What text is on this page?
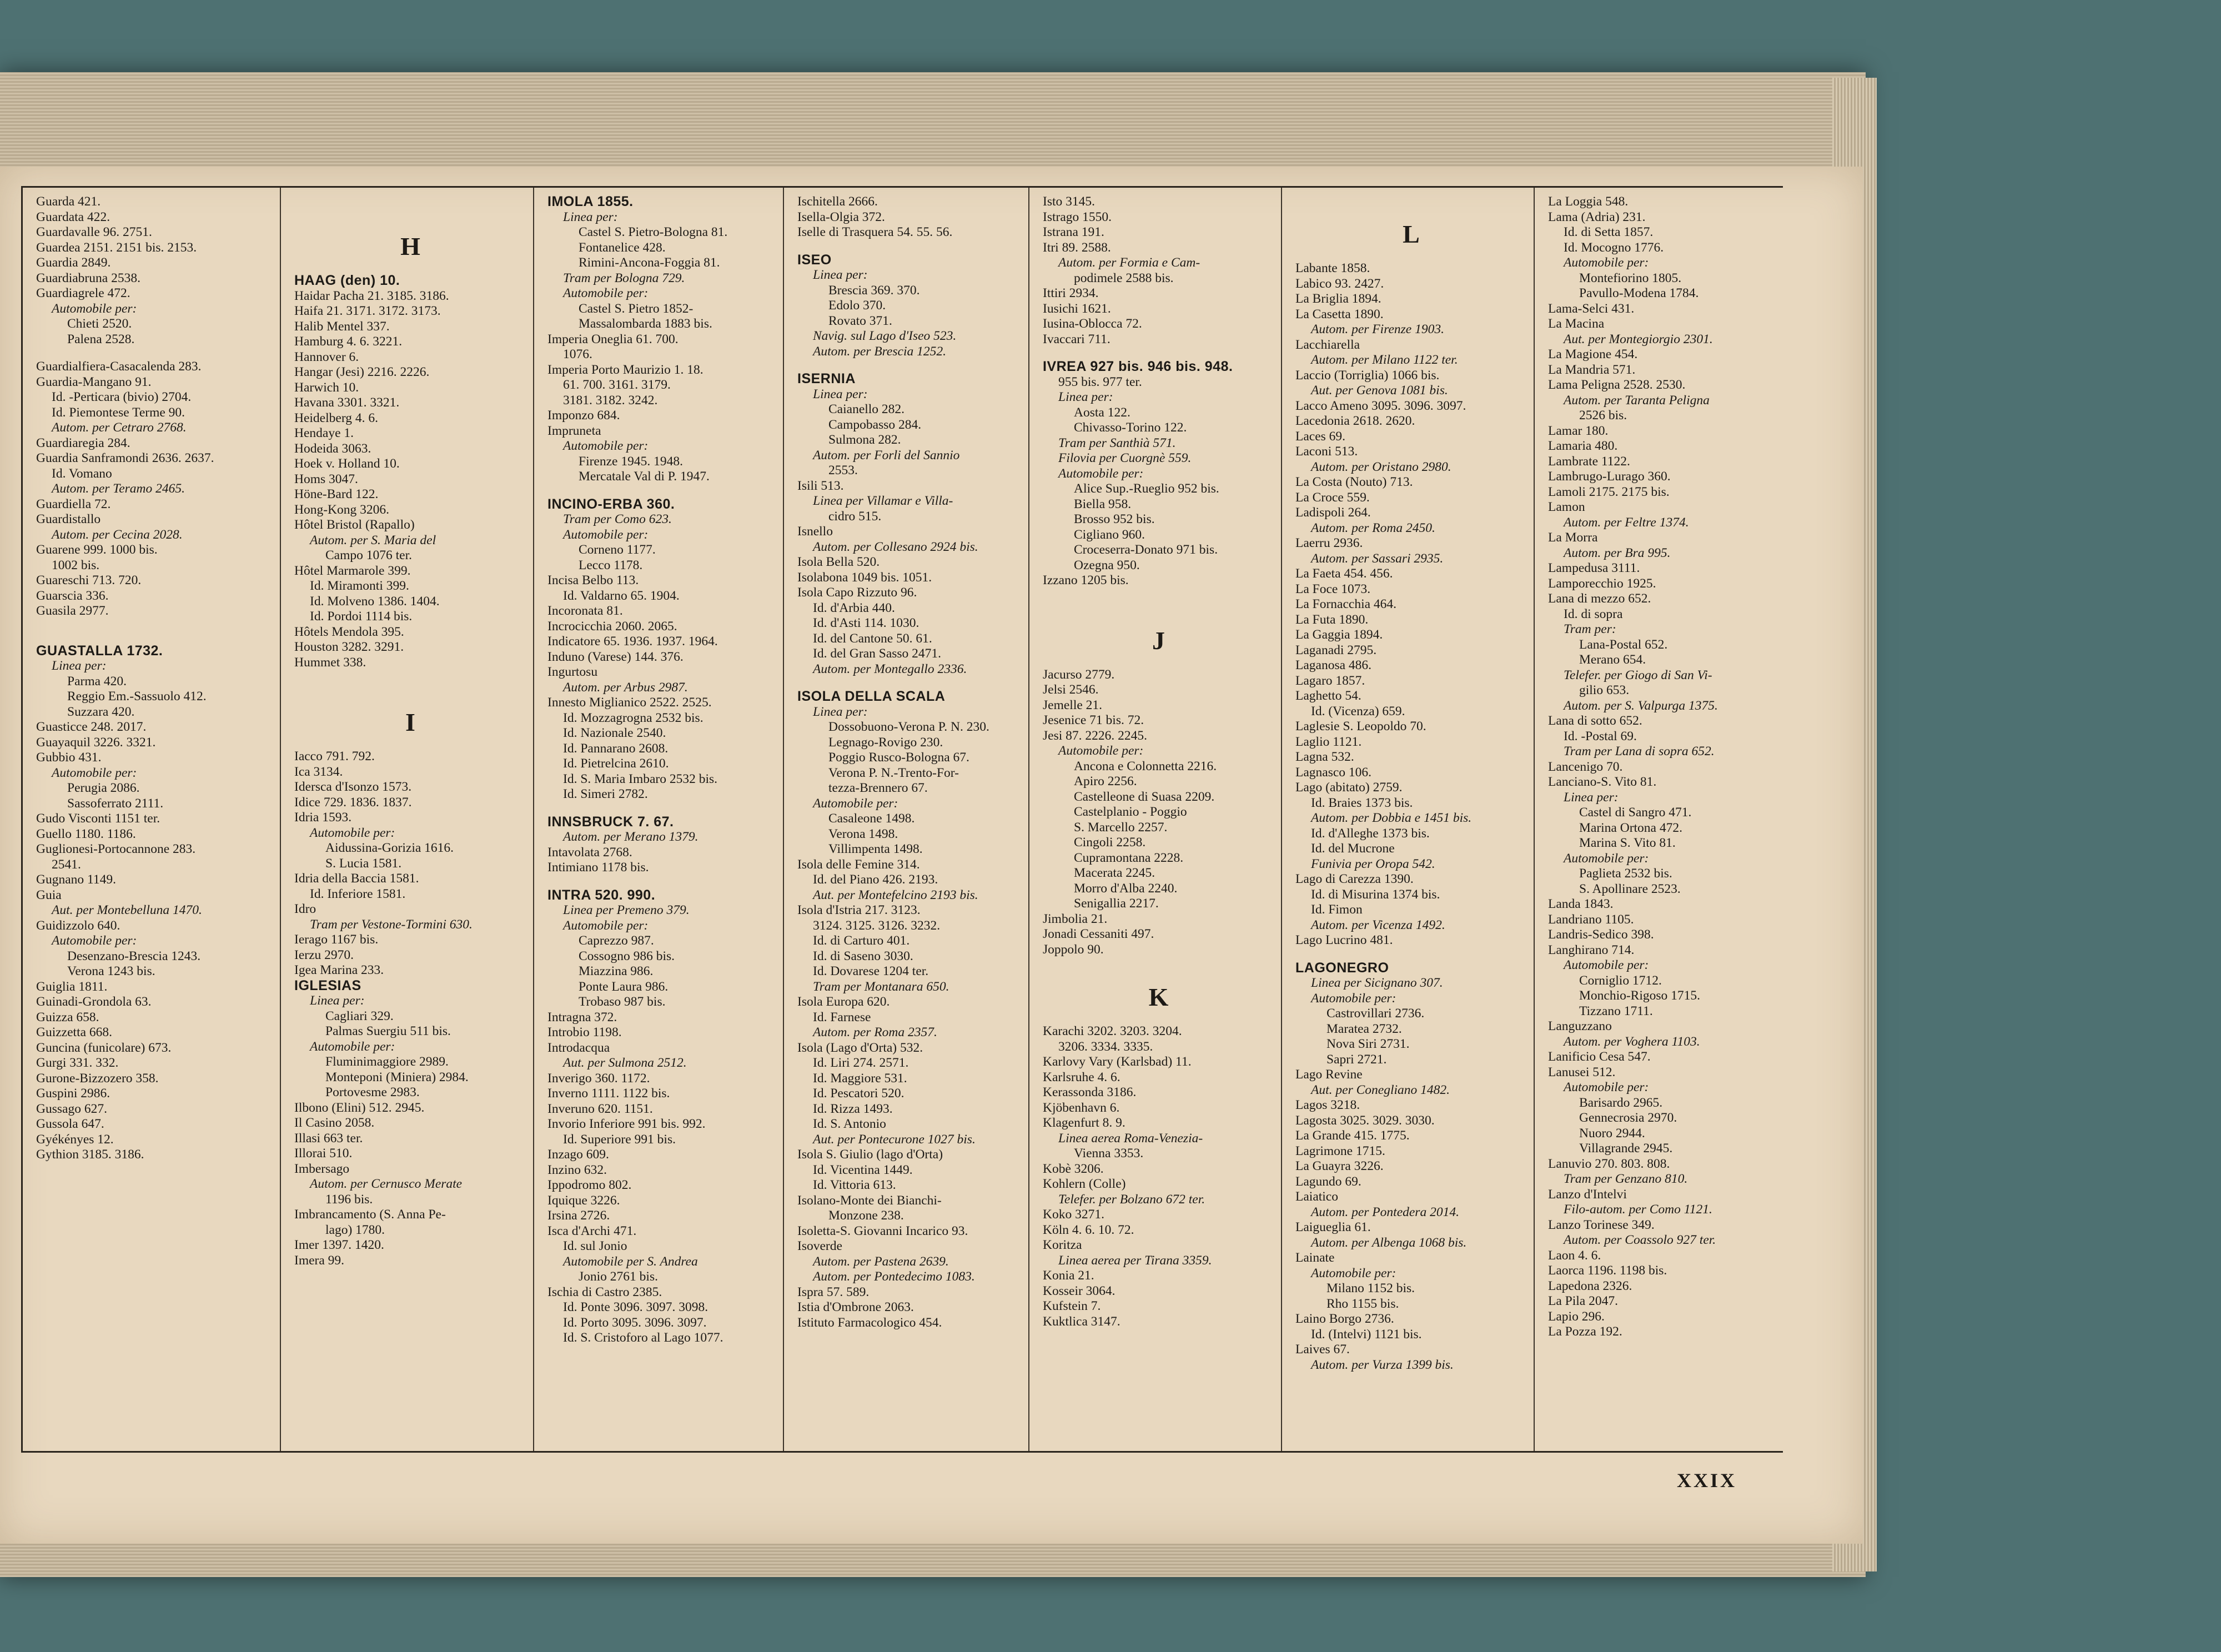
Guarda 421.
Guardata 422.
Guardavalle 96. 2751.
Guardea 2151. 2151 bis. 2153.
Guardia 2849.
Guardiabruna 2538.
Guardiagrele 472.
Automobile per:
Chieti 2520.
Palena 2528.
Guardialfiera-Casacalenda 283.
Guardia-Mangano 91.
Id. -Perticara (bivio) 2704.
Id. Piemontese Terme 90.
Autom. per Cetraro 2768.
Guardiaregia 284.
Guardia Sanframondi 2636. 2637.
Id. Vomano
Autom. per Teramo 2465.
Guardiella 72.
Guardistallo
Autom. per Cecina 2028.
Guarene 999. 1000 bis.
1002 bis.
Guareschi 713. 720.
Guarscia 336.
Guasila 2977.
GUASTALLA 1732.
Linea per:
Parma 420.
Reggio Em.-Sassuolo 412.
Suzzara 420.
Guasticce 248. 2017.
Guayaquil 3226. 3321.
Gubbio 431.
Automobile per:
Perugia 2086.
Sassoferrato 2111.
Gudo Visconti 1151 ter.
Guello 1180. 1186.
Guglionesi-Portocannone 283.
2541.
Gugnano 1149.
Guia
Aut. per Montebelluna 1470.
Guidizzolo 640.
Automobile per:
Desenzano-Brescia 1243.
Verona 1243 bis.
Guiglia 1811.
Guinadi-Grondola 63.
Guizza 658.
Guizzetta 668.
Guncina (funicolare) 673.
Gurgi 331. 332.
Gurone-Bizzozero 358.
Guspini 2986.
Gussago 627.
Gussola 647.
Gyékényes 12.
Gythion 3185. 3186.
H
HAAG (den) 10.
Haidar Pacha 21. 3185. 3186.
Haifa 21. 3171. 3172. 3173.
Halib Mentel 337.
Hamburg 4. 6. 3221.
Hannover 6.
Hangar (Jesi) 2216. 2226.
Harwich 10.
Havana 3301. 3321.
Heidelberg 4. 6.
Hendaye 1.
Hodeida 3063.
Hoek v. Holland 10.
Homs 3047.
Höne-Bard 122.
Hong-Kong 3206.
Hôtel Bristol (Rapallo)
Autom. per S. Maria del
Campo 1076 ter.
Hôtel Marmarole 399.
Id. Miramonti 399.
Id. Molveno 1386. 1404.
Id. Pordoi 1114 bis.
Hôtels Mendola 395.
Houston 3282. 3291.
Hummet 338.
I
Iacco 791. 792.
Ica 3134.
Idersca d'Isonzo 1573.
Idice 729. 1836. 1837.
Idria 1593.
Automobile per:
Aidussina-Gorizia 1616.
S. Lucia 1581.
Idria della Baccia 1581.
Id. Inferiore 1581.
Idro
Tram per Vestone-Tormini 630.
Ierago 1167 bis.
Ierzu 2970.
Igea Marina 233.
IGLESIAS
Linea per:
Cagliari 329.
Palmas Suergiu 511 bis.
Automobile per:
Fluminimaggiore 2989.
Monteponi (Miniera) 2984.
Portovesme 2983.
Ilbono (Elini) 512. 2945.
Il Casino 2058.
Illasi 663 ter.
Illorai 510.
Imbersago
Autom. per Cernusco Merate
1196 bis.
Imbrancamento (S. Anna Pe-
lago) 1780.
Imer 1397. 1420.
Imera 99.
IMOLA 1855.
Linea per:
Castel S. Pietro-Bologna 81.
Fontanelice 428.
Rimini-Ancona-Foggia 81.
Tram per Bologna 729.
Automobile per:
Castel S. Pietro 1852-
Massalombarda 1883 bis.
Imperia Oneglia 61. 700.
1076.
Imperia Porto Maurizio 1. 18.
61. 700. 3161. 3179.
3181. 3182. 3242.
Imponzo 684.
Impruneta
Automobile per:
Firenze 1945. 1948.
Mercatale Val di P. 1947.
INCINO-ERBA 360.
Tram per Como 623.
Automobile per:
Corneno 1177.
Lecco 1178.
Incisa Belbo 113.
Id. Valdarno 65. 1904.
Incoronata 81.
Incrocicchia 2060. 2065.
Indicatore 65. 1936. 1937. 1964.
Induno (Varese) 144. 376.
Ingurtosu
Autom. per Arbus 2987.
Innesto Miglianico 2522. 2525.
Id. Mozzagrogna 2532 bis.
Id. Nazionale 2540.
Id. Pannarano 2608.
Id. Pietrelcina 2610.
Id. S. Maria Imbaro 2532 bis.
Id. Simeri 2782.
INNSBRUCK 7. 67.
Autom. per Merano 1379.
Intavolata 2768.
Intimiano 1178 bis.
INTRA 520. 990.
Linea per Premeno 379.
Automobile per:
Caprezzo 987.
Cossogno 986 bis.
Miazzina 986.
Ponte Laura 986.
Trobaso 987 bis.
Intragna 372.
Introbio 1198.
Introdacqua
Aut. per Sulmona 2512.
Inverigo 360. 1172.
Inverno 1111. 1122 bis.
Inveruno 620. 1151.
Invorio Inferiore 991 bis. 992.
Id. Superiore 991 bis.
Inzago 609.
Inzino 632.
Ippodromo 802.
Iquique 3226.
Irsina 2726.
Isca d'Archi 471.
Id. sul Jonio
Automobile per S. Andrea
Jonio 2761 bis.
Ischia di Castro 2385.
Id. Ponte 3096. 3097. 3098.
Id. Porto 3095. 3096. 3097.
Id. S. Cristoforo al Lago 1077.
Ischitella 2666.
Isella-Olgia 372.
Iselle di Trasquera 54. 55. 56.
ISEO
Linea per:
Brescia 369. 370.
Edolo 370.
Rovato 371.
Navig. sul Lago d'Iseo 523.
Autom. per Brescia 1252.
ISERNIA
Linea per:
Caianello 282.
Campobasso 284.
Sulmona 282.
Autom. per Forli del Sannio
2553.
Isili 513.
Linea per Villamar e Villa-
cidro 515.
Isnello
Autom. per Collesano 2924 bis.
Isola Bella 520.
Isolabona 1049 bis. 1051.
Isola Capo Rizzuto 96.
Id. d'Arbia 440.
Id. d'Asti 114. 1030.
Id. del Cantone 50. 61.
Id. del Gran Sasso 2471.
Autom. per Montegallo 2336.
ISOLA DELLA SCALA
Linea per:
Dossobuono-Verona P. N. 230.
Legnago-Rovigo 230.
Poggio Rusco-Bologna 67.
Verona P. N.-Trento-For-
tezza-Brennero 67.
Automobile per:
Casaleone 1498.
Verona 1498.
Villimpenta 1498.
Isola delle Femine 314.
Id. del Piano 426. 2193.
Aut. per Montefelcino 2193 bis.
Isola d'Istria 217. 3123.
3124. 3125. 3126. 3232.
Id. di Carturo 401.
Id. di Saseno 3030.
Id. Dovarese 1204 ter.
Tram per Montanara 650.
Isola Europa 620.
Id. Farnese
Autom. per Roma 2357.
Isola (Lago d'Orta) 532.
Id. Liri 274. 2571.
Id. Maggiore 531.
Id. Pescatori 520.
Id. Rizza 1493.
Id. S. Antonio
Aut. per Pontecurone 1027 bis.
Isola S. Giulio (lago d'Orta)
Id. Vicentina 1449.
Id. Vittoria 613.
Isolano-Monte dei Bianchi-
Monzone 238.
Isoletta-S. Giovanni Incarico 93.
Isoverde
Autom. per Pastena 2639.
Autom. per Pontedecimo 1083.
Ispra 57. 589.
Istia d'Ombrone 2063.
Istituto Farmacologico 454.
Isto 3145.
Istrago 1550.
Istrana 191.
Itri 89. 2588.
Autom. per Formia e Cam-
podimele 2588 bis.
Ittiri 2934.
Iusichi 1621.
Iusina-Oblocca 72.
Ivaccari 711.
IVREA 927 bis. 946 bis. 948.
955 bis. 977 ter.
Linea per:
Aosta 122.
Chivasso-Torino 122.
Tram per Santhià 571.
Filovia per Cuorgnè 559.
Automobile per:
Alice Sup.-Rueglio 952 bis.
Biella 958.
Brosso 952 bis.
Cigliano 960.
Croceserra-Donato 971 bis.
Ozegna 950.
Izzano 1205 bis.
J
Jacurso 2779.
Jelsi 2546.
Jemelle 21.
Jesenice 71 bis. 72.
Jesi 87. 2226. 2245.
Automobile per:
Ancona e Colonnetta 2216.
Apiro 2256.
Castelleone di Suasa 2209.
Castelplanio - Poggio
S. Marcello 2257.
Cingoli 2258.
Cupramontana 2228.
Macerata 2245.
Morro d'Alba 2240.
Senigallia 2217.
Jimbolia 21.
Jonadi Cessaniti 497.
Joppolo 90.
K
Karachi 3202. 3203. 3204.
3206. 3334. 3335.
Karlovy Vary (Karlsbad) 11.
Karlsruhe 4. 6.
Kerassonda 3186.
Kjöbenhavn 6.
Klagenfurt 8. 9.
Linea aerea Roma-Venezia-
Vienna 3353.
Kobè 3206.
Kohlern (Colle)
Telefer. per Bolzano 672 ter.
Koko 3271.
Köln 4. 6. 10. 72.
Koritza
Linea aerea per Tirana 3359.
Konia 21.
Kosseir 3064.
Kufstein 7.
Kuktlica 3147.
L
Labante 1858.
Labico 93. 2427.
La Briglia 1894.
La Casetta 1890.
Autom. per Firenze 1903.
Lacchiarella
Autom. per Milano 1122 ter.
Laccio (Torriglia) 1066 bis.
Aut. per Genova 1081 bis.
Lacco Ameno 3095. 3096. 3097.
Lacedonia 2618. 2620.
Laces 69.
Laconi 513.
Autom. per Oristano 2980.
La Costa (Nouto) 713.
La Croce 559.
Ladispoli 264.
Autom. per Roma 2450.
Laerru 2936.
Autom. per Sassari 2935.
La Faeta 454. 456.
La Foce 1073.
La Fornacchia 464.
La Futa 1890.
La Gaggia 1894.
Laganadi 2795.
Laganosa 486.
Lagaro 1857.
Laghetto 54.
Id. (Vicenza) 659.
Laglesie S. Leopoldo 70.
Laglio 1121.
Lagna 532.
Lagnasco 106.
Lago (abitato) 2759.
Id. Braies 1373 bis.
Autom. per Dobbia e 1451 bis.
Id. d'Alleghe 1373 bis.
Id. del Mucrone
Funivia per Oropa 542.
Lago di Carezza 1390.
Id. di Misurina 1374 bis.
Id. Fimon
Autom. per Vicenza 1492.
Lago Lucrino 481.
LAGONEGRO
Linea per Sicignano 307.
Automobile per:
Castrovillari 2736.
Maratea 2732.
Nova Siri 2731.
Sapri 2721.
Lago Revine
Aut. per Conegliano 1482.
Lagos 3218.
Lagosta 3025. 3029. 3030.
La Grande 415. 1775.
Lagrimone 1715.
La Guayra 3226.
Lagundo 69.
Laiatico
Autom. per Pontedera 2014.
Laigueglia 61.
Autom. per Albenga 1068 bis.
Lainate
Automobile per:
Milano 1152 bis.
Rho 1155 bis.
Laino Borgo 2736.
Id. (Intelvi) 1121 bis.
Laives 67.
Autom. per Vurza 1399 bis.
La Loggia 548.
Lama (Adria) 231.
Id. di Setta 1857.
Id. Mocogno 1776.
Automobile per:
Montefiorino 1805.
Pavullo-Modena 1784.
Lama-Selci 431.
La Macina
Aut. per Montegiorgio 2301.
La Magione 454.
La Mandria 571.
Lama Peligna 2528. 2530.
Autom. per Taranta Peligna
2526 bis.
Lamar 180.
Lamaria 480.
Lambrate 1122.
Lambrugo-Lurago 360.
Lamoli 2175. 2175 bis.
Lamon
Autom. per Feltre 1374.
La Morra
Autom. per Bra 995.
Lampedusa 3111.
Lamporecchio 1925.
Lana di mezzo 652.
Id. di sopra
Tram per:
Lana-Postal 652.
Merano 654.
Telefer. per Giogo di San Vi-
gilio 653.
Autom. per S. Valpurga 1375.
Lana di sotto 652.
Id. -Postal 69.
Tram per Lana di sopra 652.
Lancenigo 70.
Lanciano-S. Vito 81.
Linea per:
Castel di Sangro 471.
Marina Ortona 472.
Marina S. Vito 81.
Automobile per:
Paglieta 2532 bis.
S. Apollinare 2523.
Landa 1843.
Landriano 1105.
Landris-Sedico 398.
Langhirano 714.
Automobile per:
Corniglio 1712.
Monchio-Rigoso 1715.
Tizzano 1711.
Languzzano
Autom. per Voghera 1103.
Lanificio Cesa 547.
Lanusei 512.
Automobile per:
Barisardo 2965.
Gennecrosia 2970.
Nuoro 2944.
Villagrande 2945.
Lanuvio 270. 803. 808.
Tram per Genzano 810.
Lanzo d'Intelvi
Filo-autom. per Como 1121.
Lanzo Torinese 349.
Autom. per Coassolo 927 ter.
Laon 4. 6.
Laorca 1196. 1198 bis.
Lapedona 2326.
La Pila 2047.
Lapio 296.
La Pozza 192.
XXIX
